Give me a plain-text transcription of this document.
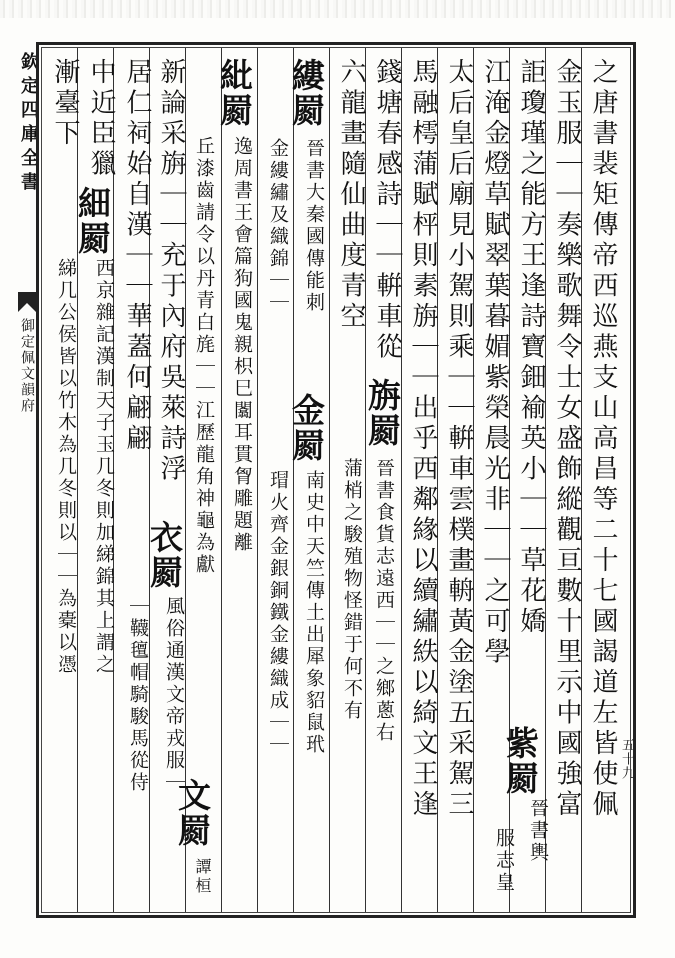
欽定四庫全書
御定佩文韻府
五十九
之唐書裴矩傳帝西巡燕支山高昌等二十七國謁道左皆使佩
金玉服｜｜奏樂歌舞令士女盛飾縱觀亘數十里示中國強富
詎瓊瑾之能方王逢詩寶鈿褕英小｜｜草花嬌
紫罽
晉書輿
江淹金燈草賦翠葉暮媚紫榮晨光非｜｜之可學
服志皇
太后皇后廟見小駕則乘｜｜輧車雲樸畫輈黃金塗五采駕三
馬融樗蒲賦枰則素旃｜｜出乎西鄰緣以續繡紩以綺文王逢
錢塘春感詩｜｜輧車從
旃罽
晉書食貨志遠西｜｜之鄉蔥右
六龍畫隨仙曲度青空
蒲梢之駿殖物怪錯于何不有
縷罽
晉書大秦國傳能刺
金罽
南史中天竺傳土出犀象貂鼠玳
金縷繡及織錦｜｜
瑁火齊金銀銅鐵金縷織成｜｜
紕罽
逸周書王會篇狗國鬼親枳巳闟耳貫胷雕題離
丘漆齒請令以丹青白旄｜｜江歷龍角神龜為獻
文罽
譚桓
新論采旃｜｜充于內府吳萊詩浮
衣罽
風俗通漢文帝戎服｜
居仁祠始自漢｜｜華蓋何翩翩
｜韈氊帽騎駿馬從侍
中近臣獵
細罽
西京雜記漢制天子玉几冬則加綈錦其上謂之
漸臺下
綈几公侯皆以竹木為几冬則以｜｜為橐以憑
